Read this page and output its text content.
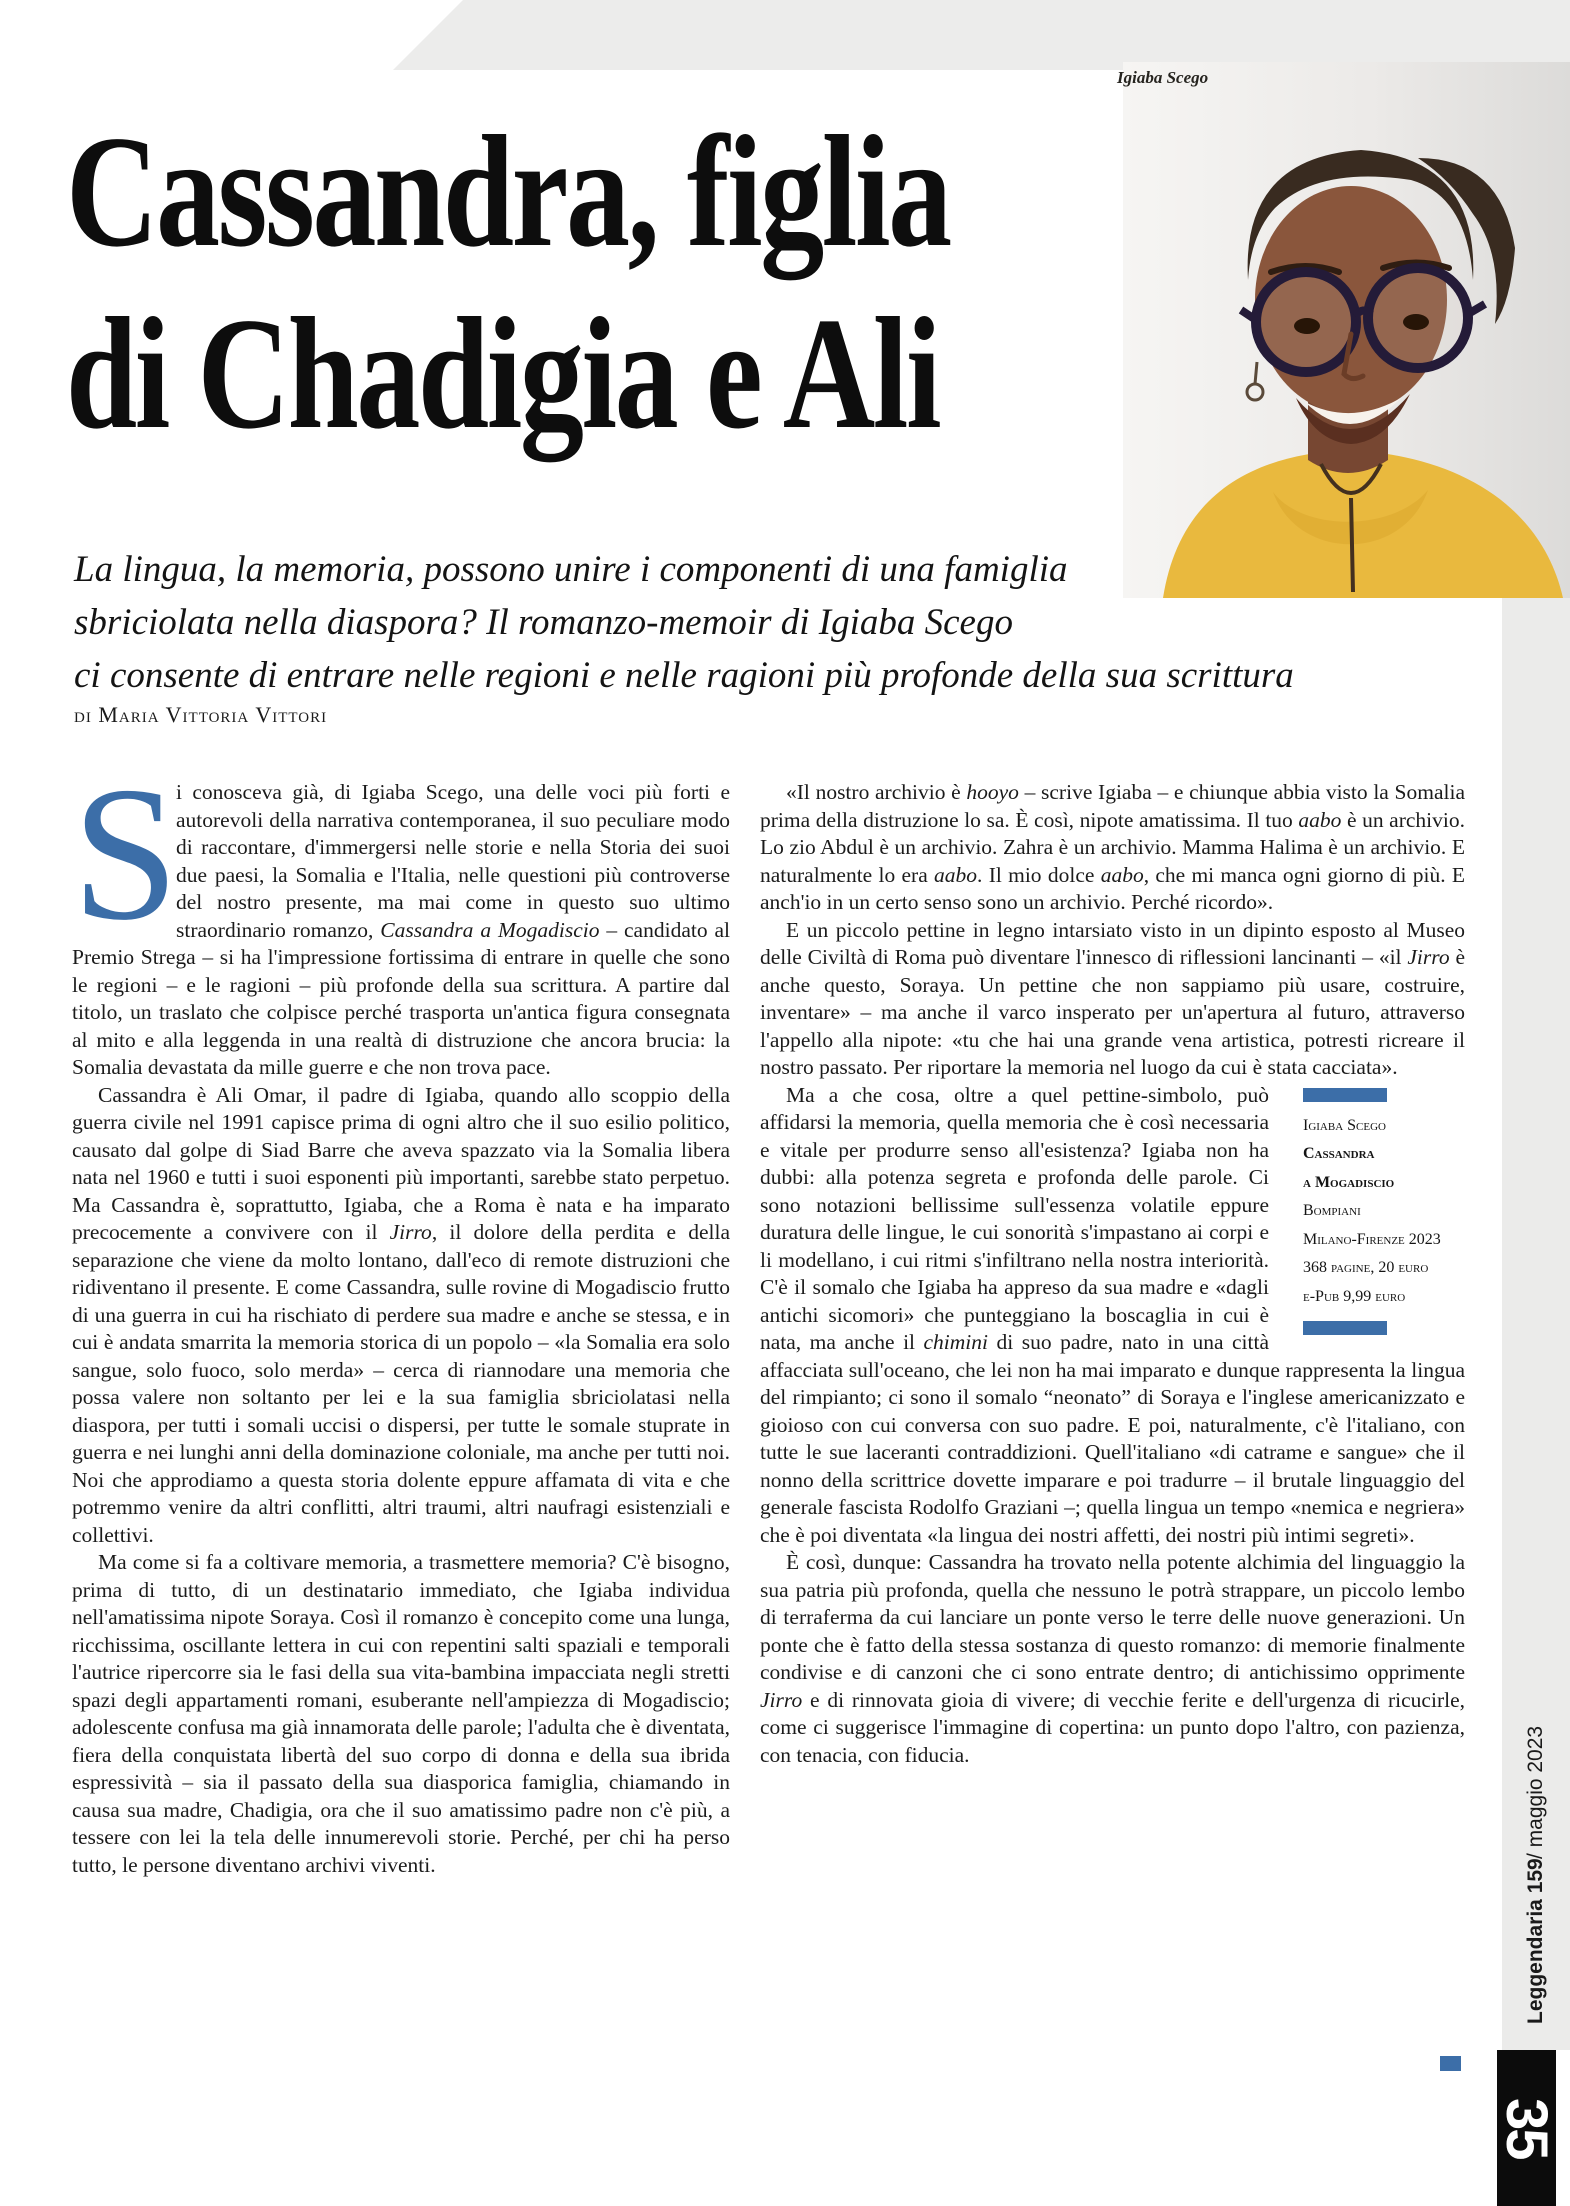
Igiaba Scego
Cassandra, figlia
di Chadigia e Ali
La lingua, la memoria, possono unire i componenti di una famiglia
sbriciolata nella diaspora? Il romanzo-memoir di Igiaba Scego
ci consente di entrare nelle regioni e nelle ragioni più profonde della sua scrittura
di Maria Vittoria Vittori

S
i conosceva già, di Igiaba Scego, una delle voci più forti e autorevoli della narrativa contemporanea, il suo peculiare modo di raccontare, d'immergersi nelle storie e nella Storia dei suoi due paesi, la Somalia e l'Italia, nelle questioni più controverse del nostro presente, ma mai come in questo suo ultimo straordinario romanzo, Cassandra a Mogadiscio – candidato al Premio Strega – si ha l'impressione fortissima di entrare in quelle che sono le regioni – e le ragioni – più profonde della sua scrittura. A partire dal titolo, un traslato che colpisce perché trasporta un'antica figura consegnata al mito e alla leggenda in una realtà di distruzione che ancora brucia: la Somalia devastata da mille guerre e che non trova pace.

Cassandra è Ali Omar, il padre di Igiaba, quando allo scoppio della guerra civile nel 1991 capisce prima di ogni altro che il suo esilio politico, causato dal golpe di Siad Barre che aveva spazzato via la Somalia libera nata nel 1960 e tutti i suoi esponenti più importanti, sarebbe stato perpetuo. Ma Cassandra è, soprattutto, Igiaba, che a Roma è nata e ha imparato precocemente a convivere con il Jirro, il dolore della perdita e della separazione che viene da molto lontano, dall'eco di remote distruzioni che ridiventano il presente. E come Cassandra, sulle rovine di Mogadiscio frutto di una guerra in cui ha rischiato di perdere sua madre e anche se stessa, e in cui è andata smarrita la memoria storica di un popolo – «la Somalia era solo sangue, solo fuoco, solo merda» – cerca di riannodare una memoria che possa valere non soltanto per lei e la sua famiglia sbriciolatasi nella diaspora, per tutti i somali uccisi o dispersi, per tutte le somale stuprate in guerra e nei lunghi anni della dominazione coloniale, ma anche per tutti noi. Noi che approdiamo a questa storia dolente eppure affamata di vita e che potremmo venire da altri conflitti, altri traumi, altri naufragi esistenziali e collettivi.

Ma come si fa a coltivare memoria, a trasmettere memoria? C'è bisogno, prima di tutto, di un destinatario immediato, che Igiaba individua nell'amatissima nipote Soraya. Così il romanzo è concepito come una lunga, ricchissima, oscillante lettera in cui con repentini salti spaziali e temporali l'autrice ripercorre sia le fasi della sua vita-bambina impacciata negli stretti spazi degli appartamenti romani, esuberante nell'ampiezza di Mogadiscio; adolescente confusa ma già innamorata delle parole; l'adulta che è diventata, fiera della conquistata libertà del suo corpo di donna e della sua ibrida espressività – sia il passato della sua diasporica famiglia, chiamando in causa sua madre, Chadigia, ora che il suo amatissimo padre non c'è più, a tessere con lei la tela delle innumerevoli storie. Perché, per chi ha perso tutto, le persone diventano archivi viventi.

«Il nostro archivio è hooyo – scrive Igiaba – e chiunque abbia visto la Somalia prima della distruzione lo sa. È così, nipote amatissima. Il tuo aabo è un archivio. Lo zio Abdul è un archivio. Zahra è un archivio. Mamma Halima è un archivio. E naturalmente lo era aabo. Il mio dolce aabo, che mi manca ogni giorno di più. E anch'io in un certo senso sono un archivio. Perché ricordo».

E un piccolo pettine in legno intarsiato visto in un dipinto esposto al Museo delle Civiltà di Roma può diventare l'innesco di riflessioni lancinanti – «il Jirro è anche questo, Soraya. Un pettine che non sappiamo più usare, costruire, inventare» – ma anche il varco insperato per un'apertura al futuro, attraverso l'appello alla nipote: «tu che hai una grande vena artistica, potresti ricreare il nostro passato. Per riportare la memoria nel luogo da cui è stata cacciata».

Igiaba Scego
Cassandra
a Mogadiscio
Bompiani
Milano-Firenze 2023
368 pagine, 20 euro
e-Pub 9,99 euro
Ma a che cosa, oltre a quel pettine-simbolo, può affidarsi la memoria, quella memoria che è così necessaria e vitale per produrre senso all'esistenza? Igiaba non ha dubbi: alla potenza segreta e profonda delle parole. Ci sono notazioni bellissime sull'essenza volatile eppure duratura delle lingue, le cui sonorità s'impastano ai corpi e li modellano, i cui ritmi s'infiltrano nella nostra interiorità. C'è il somalo che Igiaba ha appreso da sua madre e «dagli antichi sicomori» che punteggiano la boscaglia in cui è nata, ma anche il chimini di suo padre, nato in una città affacciata sull'oceano, che lei non ha mai imparato e dunque rappresenta la lingua del rimpianto; ci sono il somalo “neonato” di Soraya e l'inglese americanizzato e gioioso con cui conversa con suo padre. E poi, naturalmente, c'è l'italiano, con tutte le sue laceranti contraddizioni. Quell'italiano «di catrame e sangue» che il nonno della scrittrice dovette imparare e poi tradurre – il brutale linguaggio del generale fascista Rodolfo Graziani –; quella lingua un tempo «nemica e negriera» che è poi diventata «la lingua dei nostri affetti, dei nostri più intimi segreti».

È così, dunque: Cassandra ha trovato nella potente alchimia del linguaggio la sua patria più profonda, quella che nessuno le potrà strappare, un piccolo lembo di terraferma da cui lanciare un ponte verso le terre delle nuove generazioni. Un ponte che è fatto della stessa sostanza di questo romanzo: di memorie finalmente condivise e di canzoni che ci sono entrate dentro; di antichissimo opprimente Jirro e di rinnovata gioia di vivere; di vecchie ferite e dell'urgenza di ricucirle, come ci suggerisce l'immagine di copertina: un punto dopo l'altro, con pazienza, con tenacia, con fiducia.

Leggendaria 159
/ maggio 2023
35
